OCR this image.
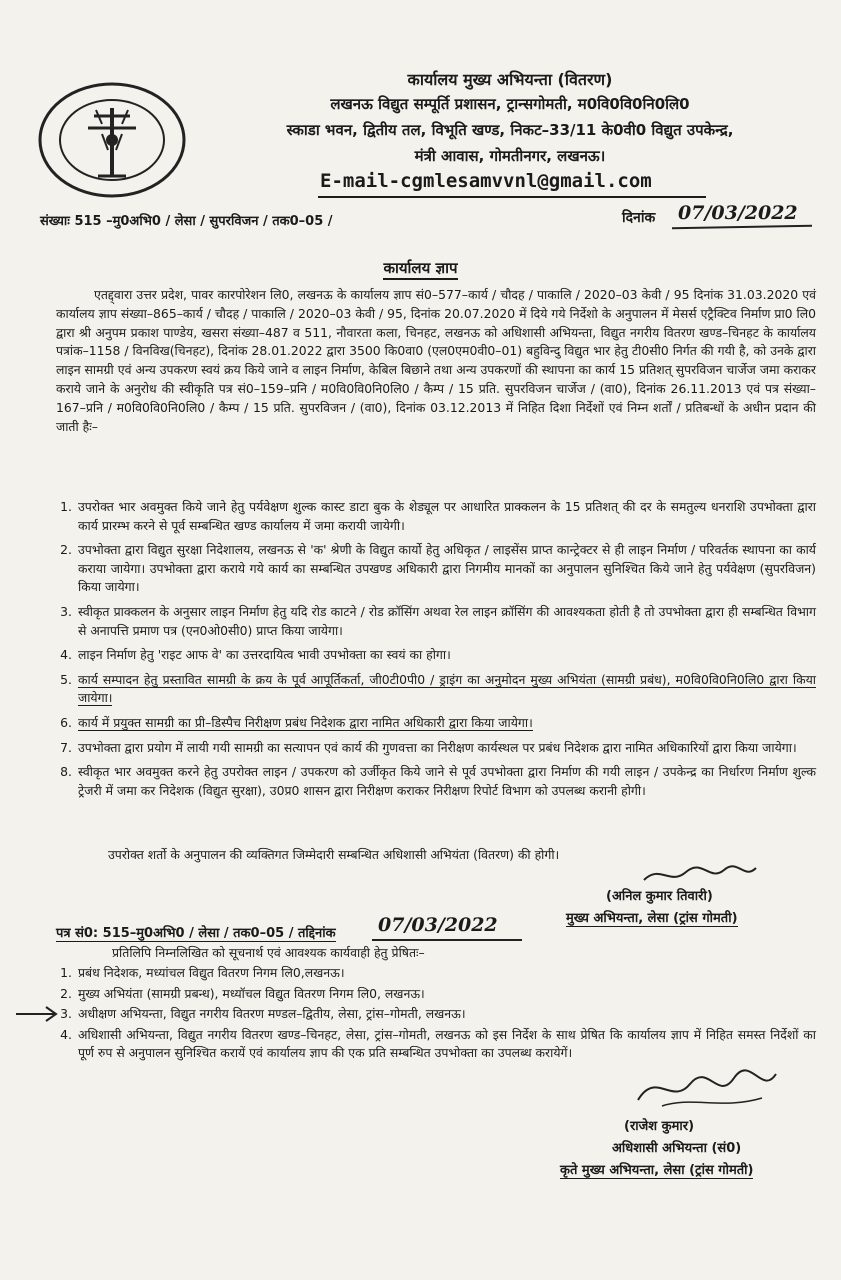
कार्यालय मुख्य अभियन्ता (वितरण)
लखनऊ विद्युत सम्पूर्ति प्रशासन, ट्रान्सगोमती, म0वि0वि0नि0लि0
स्काडा भवन, द्वितीय तल, विभूति खण्ड, निकट–33/11 के0वी0 विद्युत उपकेन्द्र,
मंत्री आवास, गोमतीनगर, लखनऊ।
E-mail-cgmlesamvvnl@gmail.com
संख्याः 515 –मु0अभि0 / लेसा / सुपरविजन / तक0–05 /	दिनांक 07/03/2022
कार्यालय ज्ञाप
एतद्द्वारा उत्तर प्रदेश, पावर कारपोरेशन लि0, लखनऊ के कार्यालय ज्ञाप सं0–577–कार्य / चौदह / पाकालि / 2020–03 केवी / 95 दिनांक 31.03.2020 एवं कार्यालय ज्ञाप संख्या–865–कार्य / चौदह / पाकालि / 2020–03 केवी / 95, दिनांक 20.07.2020 में दिये गये निर्देशो के अनुपालन में मेसर्स एट्रैक्टिव निर्माण प्रा0 लि0 द्वारा श्री अनुपम प्रकाश पाण्डेय, खसरा संख्या–487 व 511, नौवारता कला, चिनहट, लखनऊ को अधिशासी अभियन्ता, विद्युत नगरीय वितरण खण्ड–चिनहट के कार्यालय पत्रांक–1158 / विनविख(चिनहट), दिनांक 28.01.2022 द्वारा 3500 कि0वा0 (एल0एम0वी0–01) बहुविन्दु विद्युत भार हेतु टी0सी0 निर्गत की गयी है, को उनके द्वारा लाइन सामग्री एवं अन्य उपकरण स्वयं क्रय किये जाने व लाइन निर्माण, केबिल बिछाने तथा अन्य उपकरणों की स्थापना का कार्य 15 प्रतिशत् सुपरविजन चार्जेज जमा कराकर कराये जाने के अनुरोध की स्वीकृति पत्र सं0–159–प्रनि / म0वि0वि0नि0लि0 / कैम्प / 15 प्रति. सुपरविजन चार्जेज / (वा0), दिनांक 26.11.2013 एवं पत्र संख्या–167–प्रनि / म0वि0वि0नि0लि0 / कैम्प / 15 प्रति. सुपरविजन / (वा0), दिनांक 03.12.2013 में निहित दिशा निर्देशों एवं निम्न शर्तों / प्रतिबन्धों के अधीन प्रदान की जाती हैः–
1. उपरोक्त भार अवमुक्त किये जाने हेतु पर्यवेक्षण शुल्क कास्ट डाटा बुक के शेड्यूल पर आधारित प्राक्कलन के 15 प्रतिशत् की दर के समतुल्य धनराशि उपभोक्ता द्वारा कार्य प्रारम्भ करने से पूर्व सम्बन्धित खण्ड कार्यालय में जमा करायी जायेगी।
2. उपभोक्ता द्वारा विद्युत सुरक्षा निदेशालय, लखनऊ से 'क' श्रेणी के विद्युत कार्यो हेतु अधिकृत / लाइसेंस प्राप्त कान्ट्रेक्टर से ही लाइन निर्माण / परिवर्तक स्थापना का कार्य कराया जायेगा। उपभोक्ता द्वारा कराये गये कार्य का सम्बन्धित उपखण्ड अधिकारी द्वारा निगमीय मानकों का अनुपालन सुनिश्चित किये जाने हेतु पर्यवेक्षण (सुपरविजन) किया जायेगा।
3. स्वीकृत प्राक्कलन के अनुसार लाइन निर्माण हेतु यदि रोड काटने / रोड क्रॉसिंग अथवा रेल लाइन क्रॉसिंग की आवश्यकता होती है तो उपभोक्ता द्वारा ही सम्बन्धित विभाग से अनापत्ति प्रमाण पत्र (एन0ओ0सी0) प्राप्त किया जायेगा।
4. लाइन निर्माण हेतु 'राइट आफ वे' का उत्तरदायित्व भावी उपभोक्ता का स्वयं का होगा।
5. कार्य सम्पादन हेतु प्रस्तावित सामग्री के क्रय के पूर्व आपूर्तिकर्ता, जी0टी0पी0 / ड्राइंग का अनुमोदन मुख्य अभियंता (सामग्री प्रबंध), म0वि0वि0नि0लि0 द्वारा किया जायेगा।
6. कार्य में प्रयुक्त सामग्री का प्री–डिस्पैच निरीक्षण प्रबंध निदेशक द्वारा नामित अधिकारी द्वारा किया जायेगा।
7. उपभोक्ता द्वारा प्रयोग में लायी गयी सामग्री का सत्यापन एवं कार्य की गुणवत्ता का निरीक्षण कार्यस्थल पर प्रबंध निदेशक द्वारा नामित अधिकारियों द्वारा किया जायेगा।
8. स्वीकृत भार अवमुक्त करने हेतु उपरोक्त लाइन / उपकरण को उर्जीकृत किये जाने से पूर्व उपभोक्ता द्वारा निर्माण की गयी लाइन / उपकेन्द्र का निर्धारण निर्माण शुल्क ट्रेजरी में जमा कर निदेशक (विद्युत सुरक्षा), उ0प्र0 शासन द्वारा निरीक्षण कराकर निरीक्षण रिपोर्ट विभाग को उपलब्ध करानी होगी।
उपरोक्त शर्तो के अनुपालन की व्यक्तिगत जिम्मेदारी सम्बन्धित अधिशासी अभियंता (वितरण) की होगी।
(अनिल कुमार तिवारी)
मुख्य अभियन्ता, लेसा (ट्रांस गोमती)
पत्र सं0: 515–मु0अभि0 / लेसा / तक0–05 / तद्दिनांक 07/03/2022
प्रतिलिपि निम्नलिखित को सूचनार्थ एवं आवश्यक कार्यवाही हेतु प्रेषितः–
1. प्रबंध निदेशक, मध्यांचल विद्युत वितरण निगम लि0,लखनऊ।
2. मुख्य अभियंता (सामग्री प्रबन्ध), मध्यॉचल विद्युत वितरण निगम लि0, लखनऊ।
3. अधीक्षण अभियन्ता, विद्युत नगरीय वितरण मण्डल–द्वितीय, लेसा, ट्रांस–गोमती, लखनऊ।
4. अधिशासी अभियन्ता, विद्युत नगरीय वितरण खण्ड–चिनहट, लेसा, ट्रांस–गोमती, लखनऊ को इस निर्देश के साथ प्रेषित कि कार्यालय ज्ञाप में निहित समस्त निर्देशों का पूर्ण रुप से अनुपालन सुनिश्चित करायें एवं कार्यालय ज्ञाप की एक प्रति सम्बन्धित उपभोक्ता का उपलब्ध करायेगें।
(राजेश कुमार)
अधिशासी अभियन्ता (सं0)
कृते मुख्य अभियन्ता, लेसा (ट्रांस गोमती)
